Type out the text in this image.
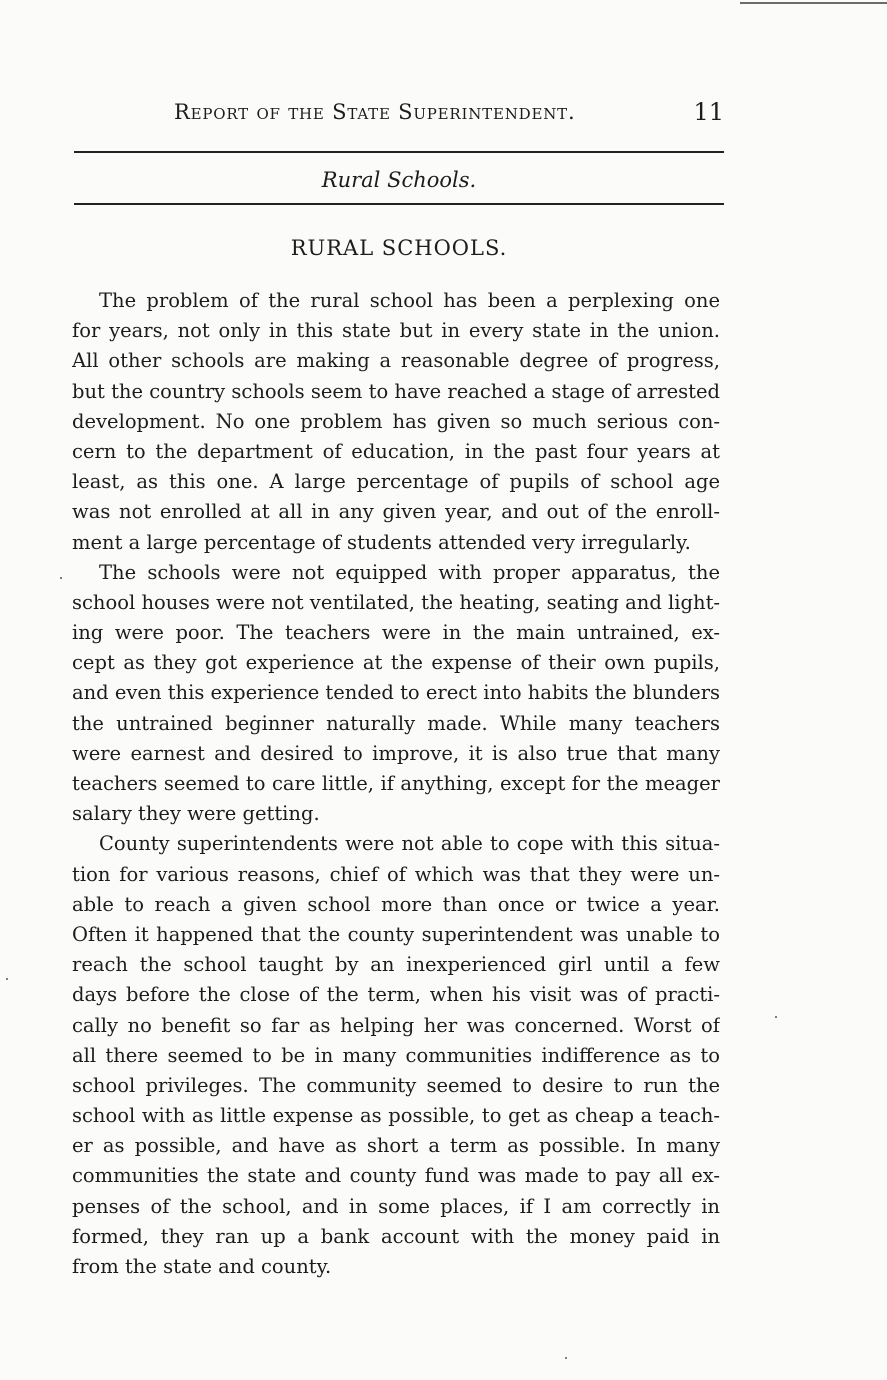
Report of the State Superintendent.	11
Rural Schools.
RURAL SCHOOLS.
The problem of the rural school has been a perplexing one
for years, not only in this state but in every state in the union.
All other schools are making a reasonable degree of progress,
but the country schools seem to have reached a stage of arrested
development. No one problem has given so much serious con-
cern to the department of education, in the past four years at
least, as this one. A large percentage of pupils of school age
was not enrolled at all in any given year, and out of the enroll-
ment a large percentage of students attended very irregularly.
The schools were not equipped with proper apparatus, the
school houses were not ventilated, the heating, seating and light-
ing were poor. The teachers were in the main untrained, ex-
cept as they got experience at the expense of their own pupils,
and even this experience tended to erect into habits the blunders
the untrained beginner naturally made. While many teachers
were earnest and desired to improve, it is also true that many
teachers seemed to care little, if anything, except for the meager
salary they were getting.
County superintendents were not able to cope with this situa-
tion for various reasons, chief of which was that they were un-
able to reach a given school more than once or twice a year.
Often it happened that the county superintendent was unable to
reach the school taught by an inexperienced girl until a few
days before the close of the term, when his visit was of practi-
cally no benefit so far as helping her was concerned. Worst of
all there seemed to be in many communities indifference as to
school privileges. The community seemed to desire to run the
school with as little expense as possible, to get as cheap a teach-
er as possible, and have as short a term as possible. In many
communities the state and county fund was made to pay all ex-
penses of the school, and in some places, if I am correctly in
formed, they ran up a bank account with the money paid in
from the state and county.
